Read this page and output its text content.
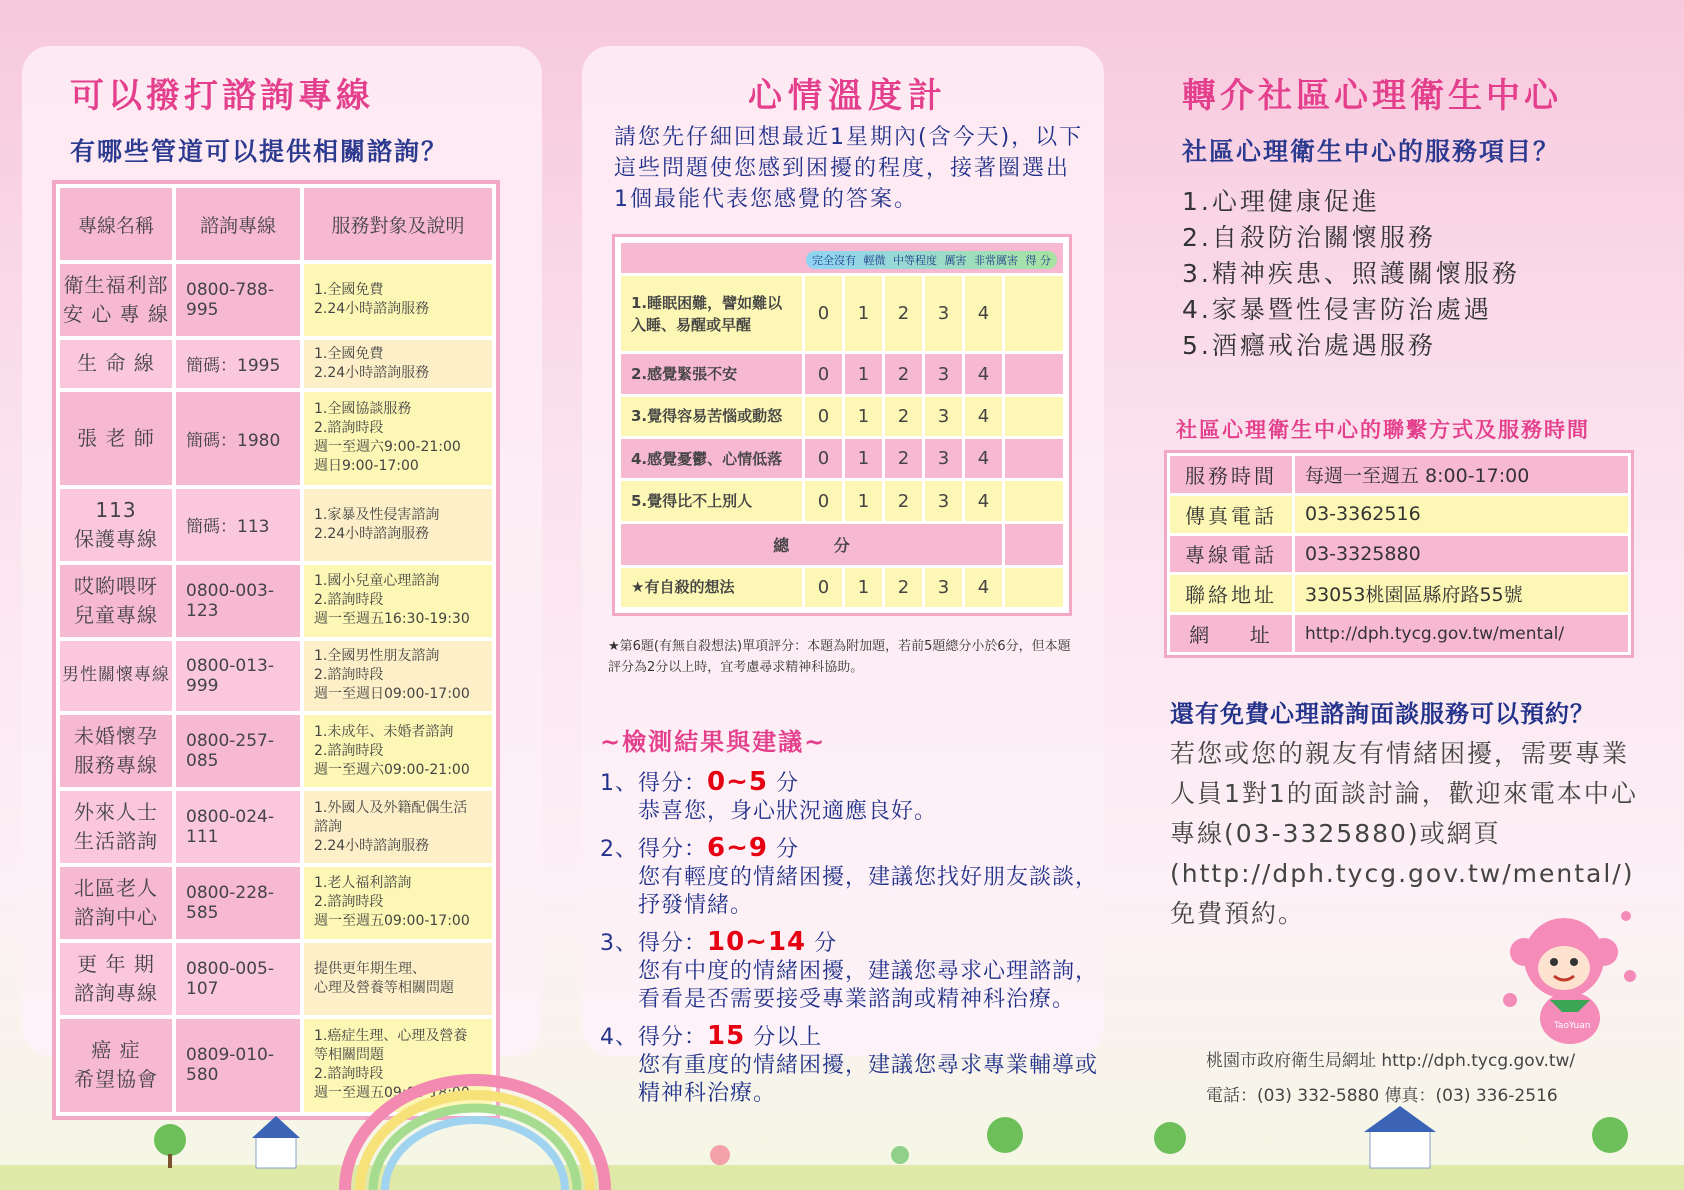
可以撥打諮詢專線
有哪些管道可以提供相關諮詢？
專線名稱	諮詢專線	服務對象及說明
衛生福利部
安 心 專 線	0800-788-995	1.全國免費
2.24小時諮詢服務
生 命 線	簡碼：1995	1.全國免費
2.24小時諮詢服務
張 老 師	簡碼：1980	1.全國協談服務
2.諮詢時段
週一至週六9:00-21:00
週日9:00-17:00
113
保護專線	簡碼：113	1.家暴及性侵害諮詢
2.24小時諮詢服務
哎喲喂呀
兒童專線	0800-003-123	1.國小兒童心理諮詢
2.諮詢時段
週一至週五16:30-19:30
男性關懷專線	0800-013-999	1.全國男性朋友諮詢
2.諮詢時段
週一至週日09:00-17:00
未婚懷孕
服務專線	0800-257-085	1.未成年、未婚者諮詢
2.諮詢時段
週一至週六09:00-21:00
外來人士
生活諮詢	0800-024-111	1.外國人及外籍配偶生活
諮詢
2.24小時諮詢服務
北區老人
諮詢中心	0800-228-585	1.老人福利諮詢
2.諮詢時段
週一至週五09:00-17:00
更 年 期
諮詢專線	0800-005-107	提供更年期生理、
心理及營養等相關問題
癌 症
希望協會	0809-010-580	1.癌症生理、心理及營養
等相關問題
2.諮詢時段
週一至週五09:00-18:00
心情溫度計
請您先仔細回想最近1星期內(含今天)，以下這些問題使您感到困擾的程度，接著圈選出1個最能代表您感覺的答案。
完全沒有 輕微 中等程度 厲害 非常厲害 得 分						
1.睡眠困難，譬如難以
入睡、易醒或早醒	0	1	2	3	4	
2.感覺緊張不安	0	1	2	3	4	
3.覺得容易苦惱或動怒	0	1	2	3	4	
4.感覺憂鬱、心情低落	0	1	2	3	4	
5.覺得比不上別人	0	1	2	3	4	
總        分						
★有自殺的想法	0	1	2	3	4	
★第6題(有無自殺想法)單項評分：本題為附加題，若前5題總分小於6分，但本題評分為2分以上時，宜考慮尋求精神科協助。
~檢測結果與建議~
1、得分：0~5 分
恭喜您，身心狀況適應良好。
2、得分：6~9 分
您有輕度的情緒困擾，建議您找好朋友談談，抒發情緒。
3、得分：10~14 分
您有中度的情緒困擾，建議您尋求心理諮詢，看看是否需要接受專業諮詢或精神科治療。
4、得分：15 分以上
您有重度的情緒困擾，建議您尋求專業輔導或精神科治療。
轉介社區心理衛生中心
社區心理衛生中心的服務項目？
1.心理健康促進
2.自殺防治關懷服務
3.精神疾患、照護關懷服務
4.家暴暨性侵害防治處遇
5.酒癮戒治處遇服務
社區心理衛生中心的聯繫方式及服務時間
服務時間	每週一至週五 8:00-17:00
傳真電話	03-3362516
專線電話	03-3325880
聯絡地址	33053桃園區縣府路55號
網    址	http://dph.tycg.gov.tw/mental/
還有免費心理諮詢面談服務可以預約？
若您或您的親友有情緒困擾，需要專業人員1對1的面談討論，歡迎來電本中心專線(03-3325880)或網頁(http://dph.tycg.gov.tw/mental/)免費預約。
桃園市政府衛生局網址 http://dph.tycg.gov.tw/
電話：(03) 332-5880 傳真：(03) 336-2516
TaoYuan
